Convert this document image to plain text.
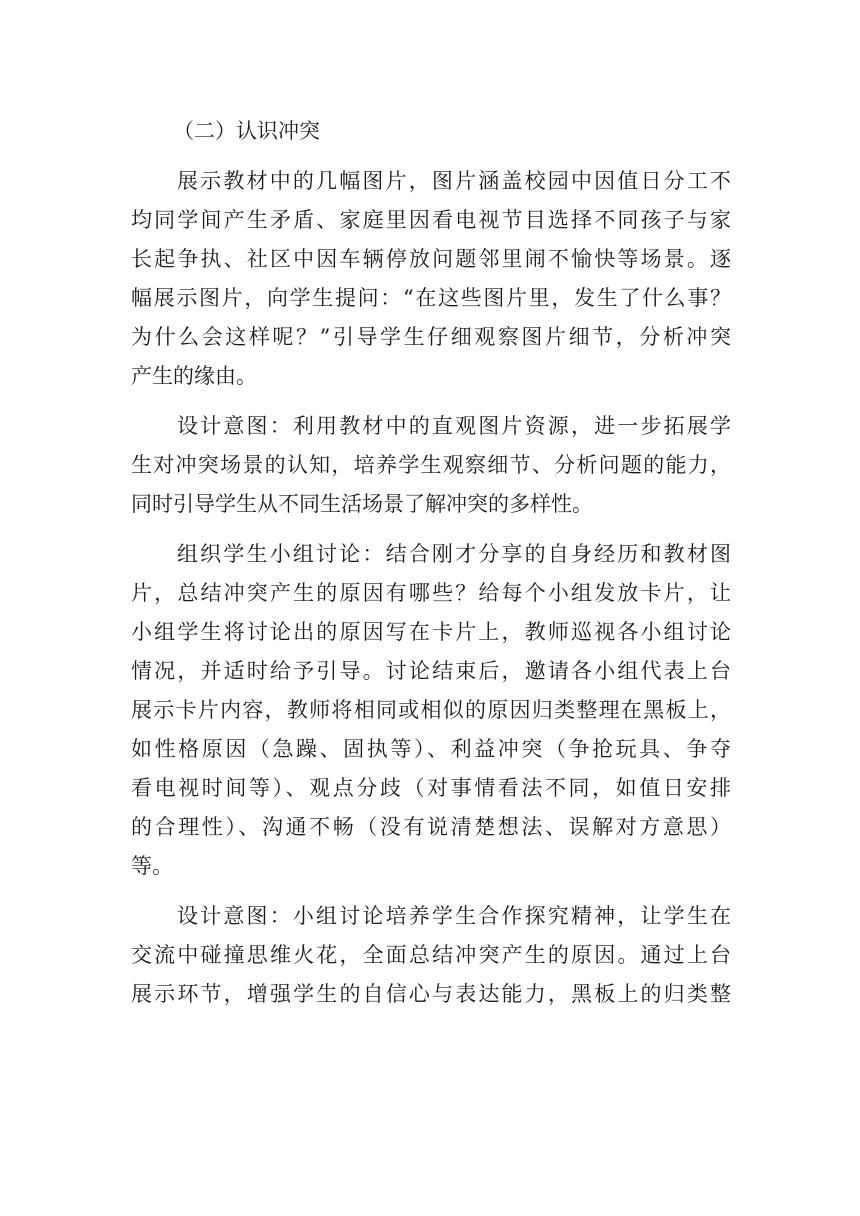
（二）认识冲突
展示教材中的几幅图片，图片涵盖校园中因值日分工不
均同学间产生矛盾、家庭里因看电视节目选择不同孩子与家
长起争执、社区中因车辆停放问题邻里闹不愉快等场景。逐
幅展示图片，向学生提问：“在这些图片里，发生了什么事？
为什么会这样呢？”引导学生仔细观察图片细节，分析冲突
产生的缘由。
设计意图：利用教材中的直观图片资源，进一步拓展学
生对冲突场景的认知，培养学生观察细节、分析问题的能力，
同时引导学生从不同生活场景了解冲突的多样性。
组织学生小组讨论：结合刚才分享的自身经历和教材图
片，总结冲突产生的原因有哪些？给每个小组发放卡片，让
小组学生将讨论出的原因写在卡片上，教师巡视各小组讨论
情况，并适时给予引导。讨论结束后，邀请各小组代表上台
展示卡片内容，教师将相同或相似的原因归类整理在黑板上，
如性格原因（急躁、固执等）、利益冲突（争抢玩具、争夺
看电视时间等）、观点分歧（对事情看法不同，如值日安排
的合理性）、沟通不畅（没有说清楚想法、误解对方意思）
等。
设计意图：小组讨论培养学生合作探究精神，让学生在
交流中碰撞思维火花，全面总结冲突产生的原因。通过上台
展示环节，增强学生的自信心与表达能力，黑板上的归类整
